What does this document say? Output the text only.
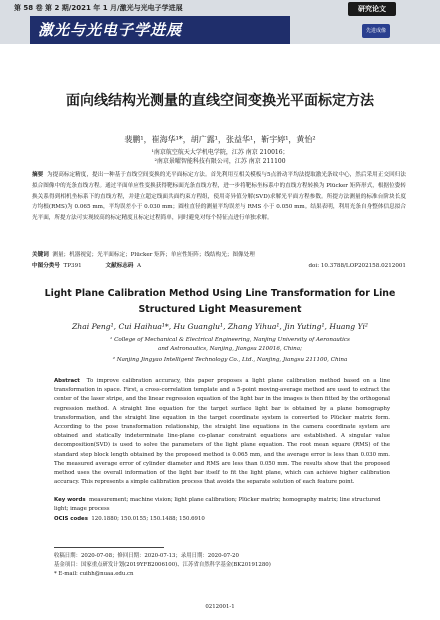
第 58 卷 第 2 期/2021 年 1 月/激光与光电子学进展	研究论文
激光与光电子学进展	先进成像
面向线结构光测量的直线空间变换光平面标定方法
裴鹏¹，崔海华¹*，胡广露¹，张益华¹，靳宇婷¹，黄怡²
¹南京航空航天大学机电学院，江苏 南京 210016；
²南京景曜智能科技有限公司，江苏 南京 211100
摘要 为提高标定精度，提出一种基于直线空间变换的光平面标定方法。首先利用互相关模板与5点滑动平均法提取激光条纹中心，然后采用正交回归法拟合图像中的光条直线方程。通过平面单应性变换获得靶标面光条直线方程，进一步将靶标坐标系中的直线方程转换为 Plücker 矩阵形式，根据位姿转换关系得到相机坐标系下的直线方程，并建立超定线面共面约束方程组，使用奇异值分解(SVD)求解光平面方程参数。所提方法测量的标准台阶块长度方均根(RMS)为 0.065 mm，平均误差小于 0.030 mm；圆柱直径的测量平均误差与 RMS 小于 0.050 mm。结果表明，利用光条自身整体信息拟合光平面，所提方法可实现较高的标定精度且标定过程简单，同时避免对每个特征点进行单独求解。
关键词 测量；机器视觉；光平面标定；Plücker 矩阵；单应性矩阵；线结构光；图像处理
中图分类号 TP391	文献标志码 A	doi: 10.3788/LOP202158.0212001
Light Plane Calibration Method Using Line Transformation for Line Structured Light Measurement
Zhai Peng¹, Cui Haihua¹*, Hu Guanglu¹, Zhang Yihua¹, Jin Yuting¹, Huang Yi²
¹ College of Mechanical & Electrical Engineering, Nanjing University of Aeronautics
and Astronautics, Nanjing, Jiangsu 210016, China;
² Nanjing Jingyao Intelligent Technology Co., Ltd., Nanjing, Jiangsu 211100, China
Abstract To improve calibration accuracy, this paper proposes a light plane calibration method based on a line transformation in space. First, a cross-correlation template and a 5-point moving-average method are used to extract the center of the laser stripe, and the linear regression equation of the light bar in the images is then fitted by the orthogonal regression method. A straight line equation for the target surface light bar is obtained by a plane homography transformation, and the straight line equation in the target coordinate system is converted to Plücker matrix form. According to the pose transformation relationship, the straight line equations in the camera coordinate system are obtained and statically indeterminate line-plane co-planar constraint equations are established. A singular value decomposition(SVD) is used to solve the parameters of the light plane equation. The root mean square (RMS) of the standard step block length obtained by the proposed method is 0.065 mm, and the average error is less than 0.030 mm. The measured average error of cylinder diameter and RMS are less than 0.050 mm. The results show that the proposed method uses the overall information of the light bar itself to fit the light plane, which can achieve higher calibration accuracy. This represents a simple calibration process that avoids the separate solution of each feature point.
Key words measurement; machine vision; light plane calibration; Plücker matrix; homography matrix; line structured light; image process
OCIS codes 120.1880; 150.0155; 150.1488; 150.6910
收稿日期：2020-07-08；修回日期：2020-07-13；录用日期：2020-07-20
基金项目：国家重点研发计划(2019YFB2006100)、江苏省自然科学基金(BK20191280)
* E-mail: cuihh@nuaa.edu.cn
0212001-1
